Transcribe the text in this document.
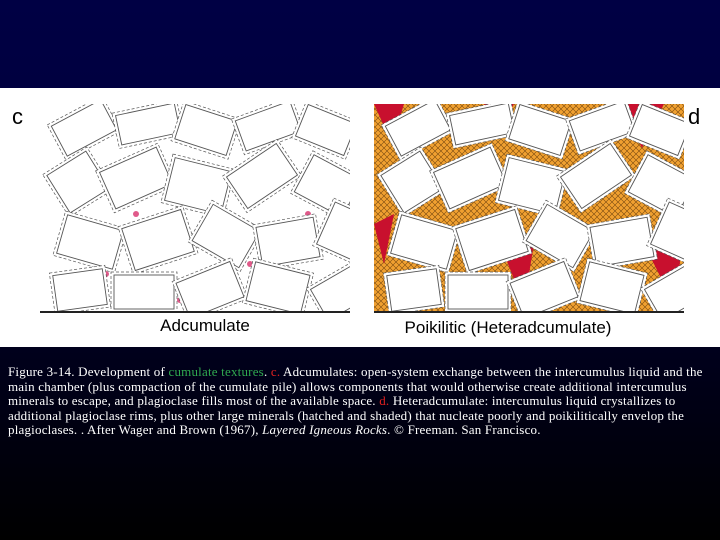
c	d
Adcumulate	Poikilitic (Heteradcumulate)

Figure 3-14. Development of cumulate textures. c. Adcumulates: open-system exchange between the intercumulus liquid and the main chamber (plus compaction of the cumulate pile) allows components that would otherwise create additional intercumulus minerals to escape, and plagioclase fills most of the available space. d. Heteradcumulate: intercumulus liquid crystallizes to additional plagioclase rims, plus other large minerals (hatched and shaded) that nucleate poorly and poikilitically envelop the plagioclases. . After Wager and Brown (1967), Layered Igneous Rocks. © Freeman. San Francisco.
